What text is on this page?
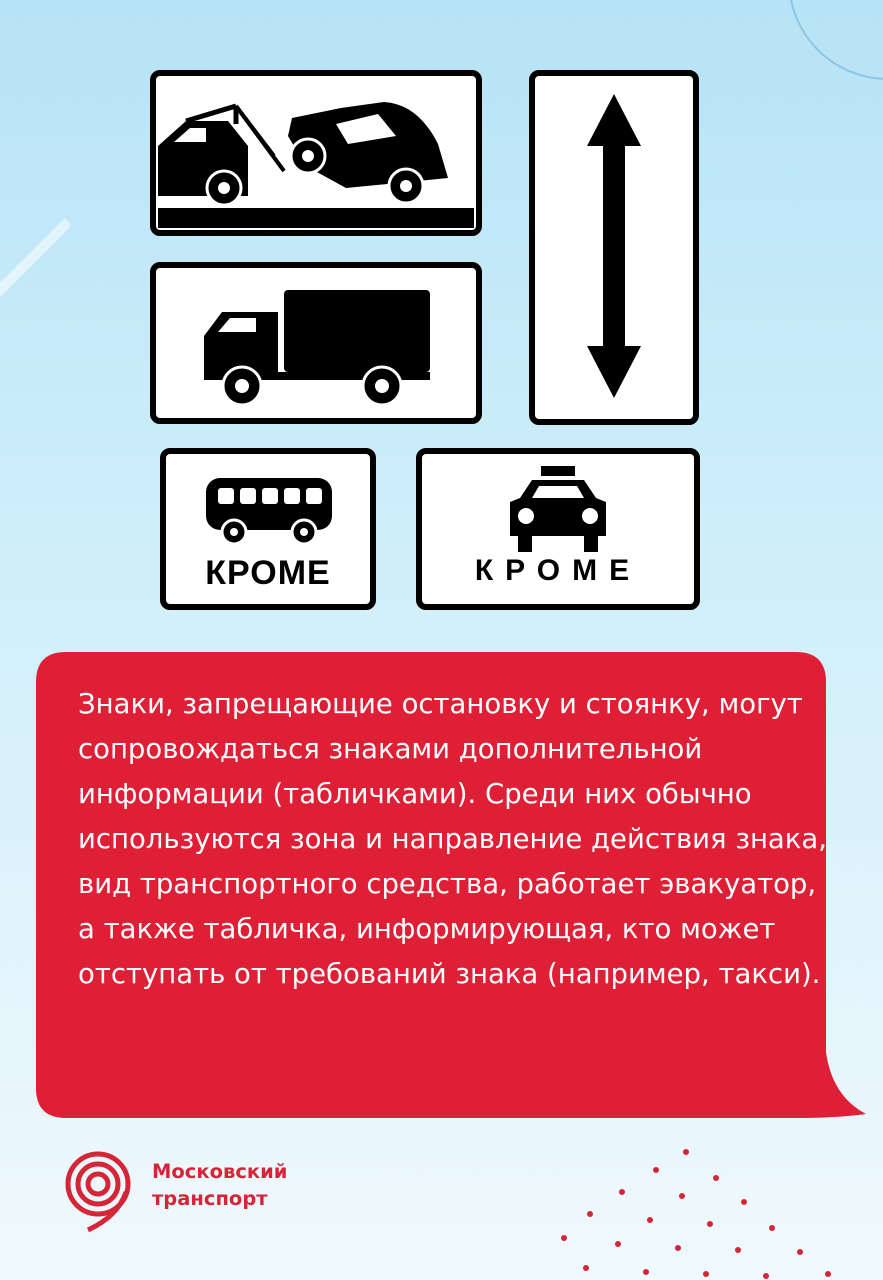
КРОМЕ	КРОМЕ

Знаки, запрещающие остановку и стоянку, могут сопровождаться знаками дополнительной информации (табличками). Среди них обычно используются зона и направление действия знака, вид транспортного средства, работает эвакуатор, а также табличка, информирующая, кто может отступать от требований знака (например, такси).

Московский
транспорт
